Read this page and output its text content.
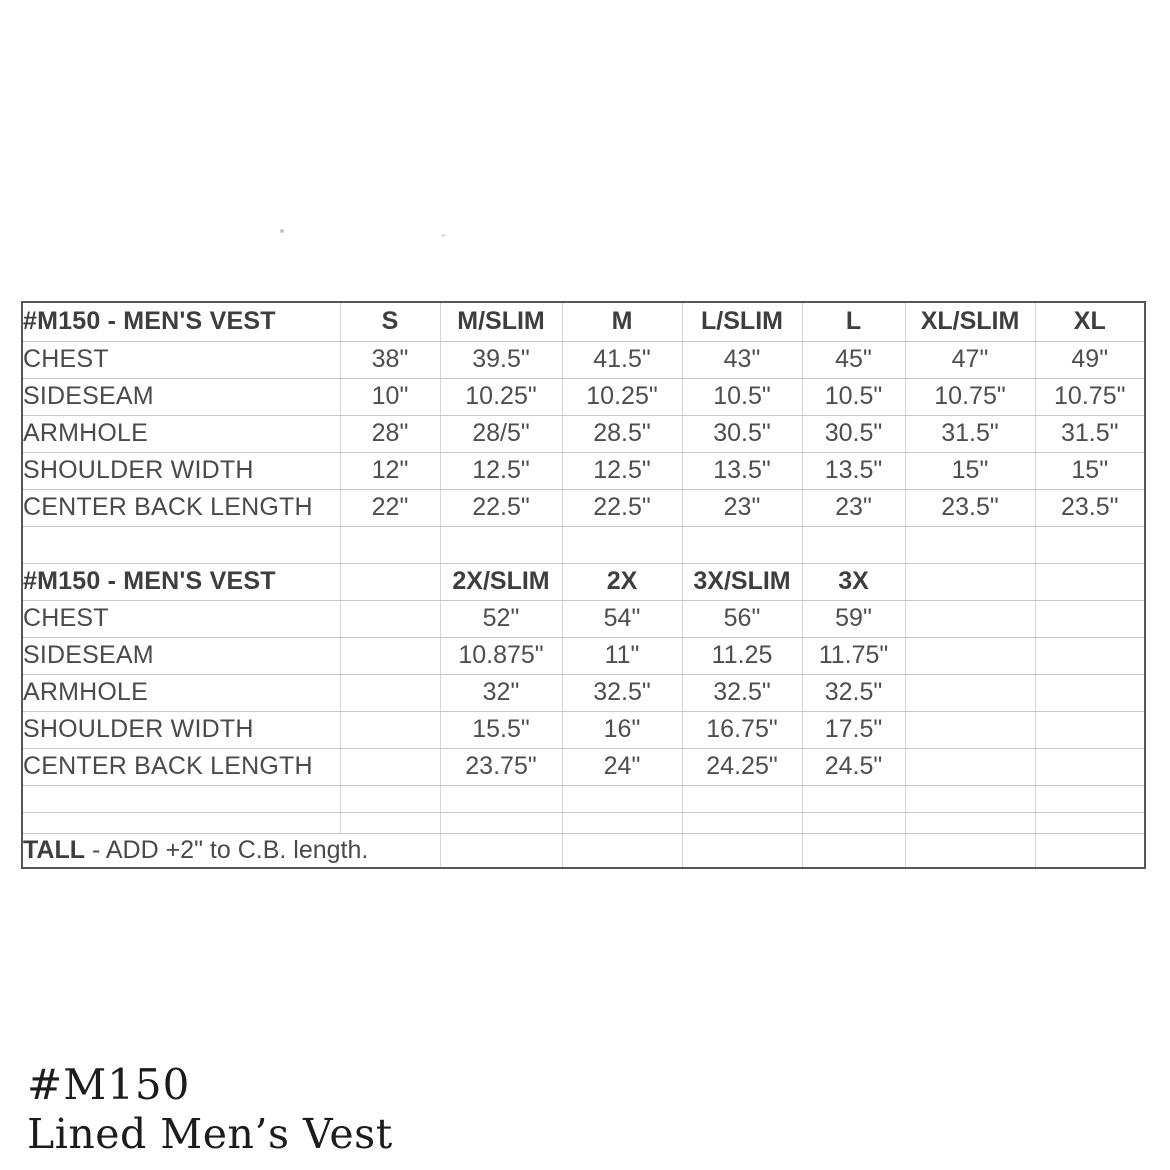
#M150 - MEN'S VEST	S	M/SLIM	M	L/SLIM	L	XL/SLIM	XL
CHEST	38"	39.5"	41.5"	43"	45"	47"	49"
SIDESEAM	10"	10.25"	10.25"	10.5"	10.5"	10.75"	10.75"
ARMHOLE	28"	28/5"	28.5"	30.5"	30.5"	31.5"	31.5"
SHOULDER WIDTH	12"	12.5"	12.5"	13.5"	13.5"	15"	15"
CENTER BACK LENGTH	22"	22.5"	22.5"	23"	23"	23.5"	23.5"

#M150 - MEN'S VEST		2X/SLIM	2X	3X/SLIM	3X		
CHEST		52"	54"	56"	59"		
SIDESEAM		10.875"	11"	11.25	11.75"		
ARMHOLE		32"	32.5"	32.5"	32.5"		
SHOULDER WIDTH		15.5"	16"	16.75"	17.5"		
CENTER BACK LENGTH		23.75"	24"	24.25"	24.5"		

TALL - ADD +2" to C.B. length.							
#M150
Lined Men’s Vest
